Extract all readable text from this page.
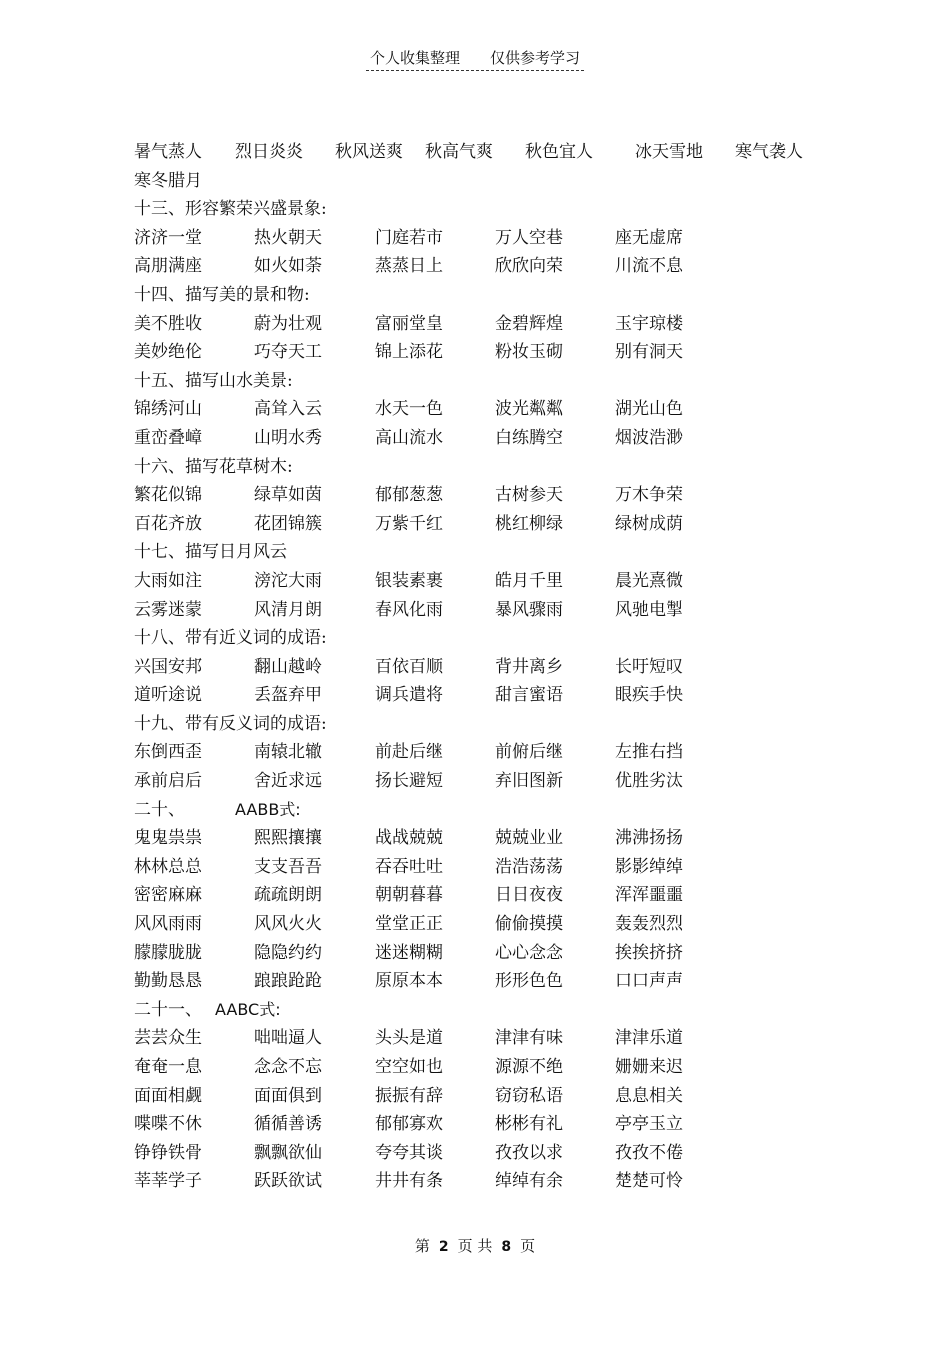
个人收集整理 仅供参考学习
暑气蒸人 烈日炎炎 秋风送爽 秋高气爽 秋色宜人 冰天雪地 寒气袭人
寒冬腊月
十三、形容繁荣兴盛景象:
济济一堂	热火朝天	门庭若市	万人空巷	座无虚席
高朋满座	如火如荼	蒸蒸日上	欣欣向荣	川流不息
十四、描写美的景和物:
美不胜收	蔚为壮观	富丽堂皇	金碧辉煌	玉宇琼楼
美妙绝伦	巧夺天工	锦上添花	粉妆玉砌	别有洞天
十五、描写山水美景:
锦绣河山	高耸入云	水天一色	波光粼粼	湖光山色
重峦叠嶂	山明水秀	高山流水	白练腾空	烟波浩渺
十六、描写花草树木:
繁花似锦	绿草如茵	郁郁葱葱	古树参天	万木争荣
百花齐放	花团锦簇	万紫千红	桃红柳绿	绿树成荫
十七、描写日月风云
大雨如注	滂沱大雨	银装素裹	皓月千里	晨光熹微
云雾迷蒙	风清月朗	春风化雨	暴风骤雨	风驰电掣
十八、带有近义词的成语:
兴国安邦	翻山越岭	百依百顺	背井离乡	长吁短叹
道听途说	丢盔弃甲	调兵遣将	甜言蜜语	眼疾手快
十九、带有反义词的成语:
东倒西歪	南辕北辙	前赴后继	前俯后继	左推右挡
承前启后	舍近求远	扬长避短	弃旧图新	优胜劣汰
二十、	AABB式:
鬼鬼祟祟	熙熙攘攘	战战兢兢	兢兢业业	沸沸扬扬
林林总总	支支吾吾	吞吞吐吐	浩浩荡荡	影影绰绰
密密麻麻	疏疏朗朗	朝朝暮暮	日日夜夜	浑浑噩噩
风风雨雨	风风火火	堂堂正正	偷偷摸摸	轰轰烈烈
朦朦胧胧	隐隐约约	迷迷糊糊	心心念念	挨挨挤挤
勤勤恳恳	踉踉跄跄	原原本本	形形色色	口口声声
二十一、 AABC式:
芸芸众生	咄咄逼人	头头是道	津津有味	津津乐道
奄奄一息	念念不忘	空空如也	源源不绝	姗姗来迟
面面相觑	面面俱到	振振有辞	窃窃私语	息息相关
喋喋不休	循循善诱	郁郁寡欢	彬彬有礼	亭亭玉立
铮铮铁骨	飘飘欲仙	夸夸其谈	孜孜以求	孜孜不倦
莘莘学子	跃跃欲试	井井有条	绰绰有余	楚楚可怜
第 2 页 共 8 页
